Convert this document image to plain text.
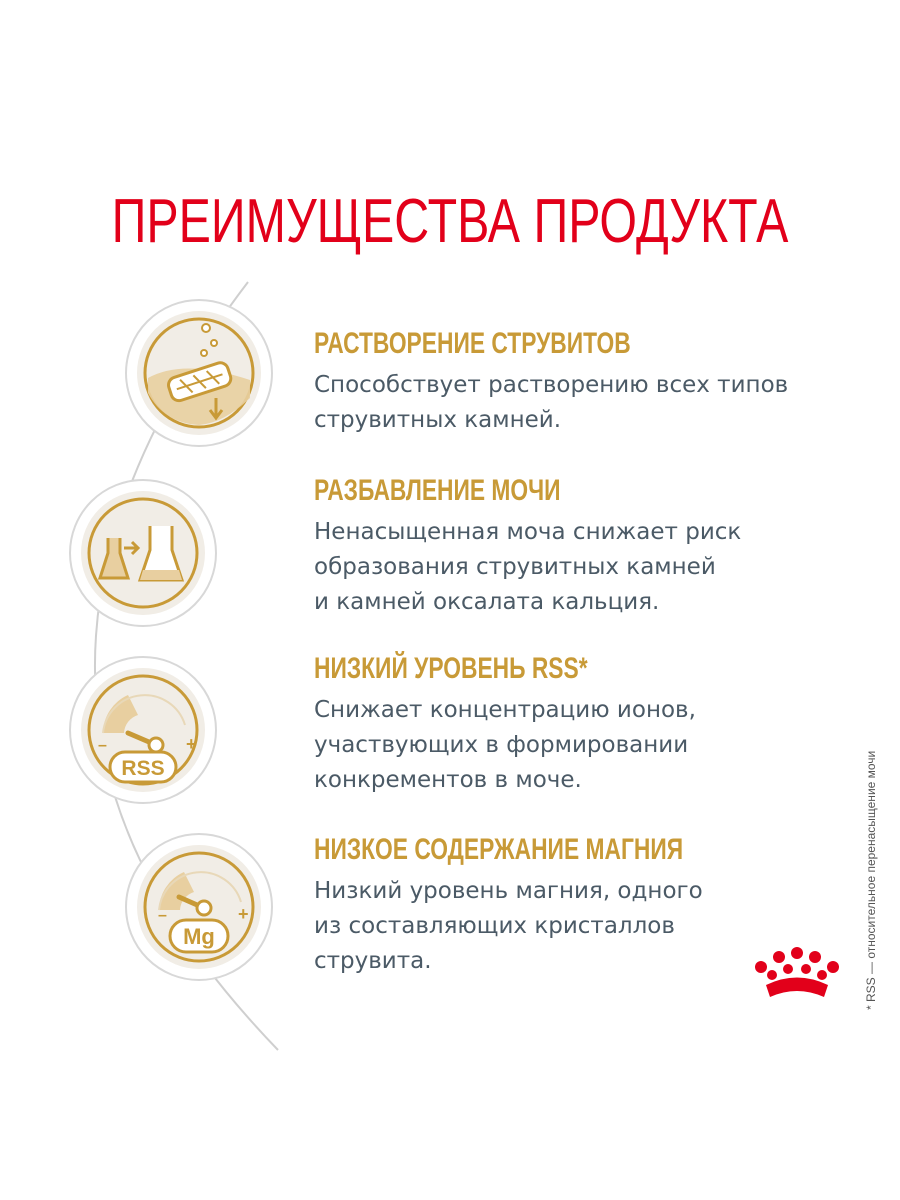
ПРЕИМУЩЕСТВА ПРОДУКТА
–	+
RSS
–	+
Mg
РАСТВОРЕНИЕ СТРУВИТОВ

Способствует растворению всех типов
струвитных камней.

РАЗБАВЛЕНИЕ МОЧИ

Ненасыщенная моча снижает риск
образования струвитных камней
и камней оксалата кальция.

НИЗКИЙ УРОВЕНЬ RSS*

Снижает концентрацию ионов,
участвующих в формировании
конкрементов в моче.

НИЗКОЕ СОДЕРЖАНИЕ МАГНИЯ

Низкий уровень магния, одного
из составляющих кристаллов
струвита.	* RSS — относительное перенасыщение мочи
